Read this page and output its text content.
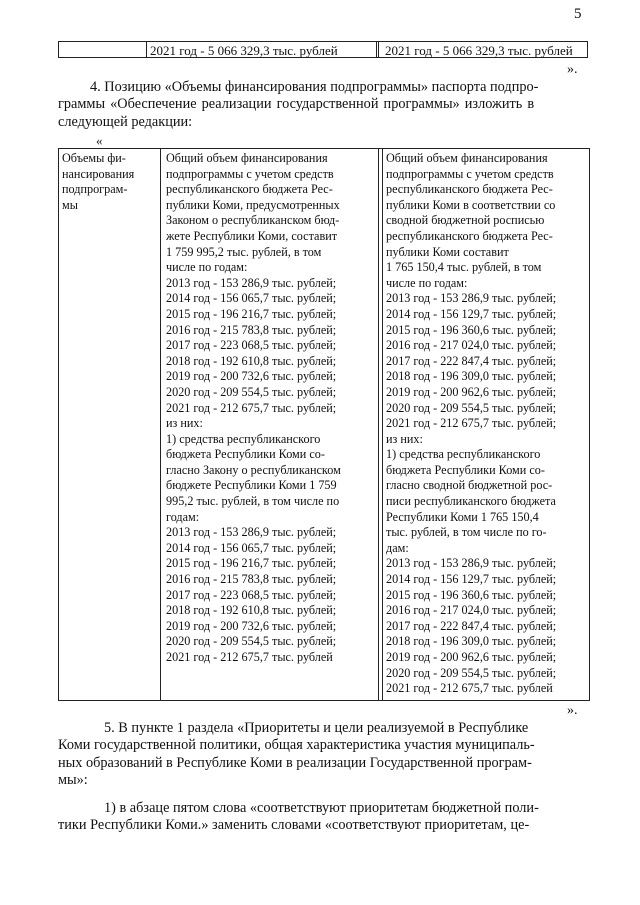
5
2021 год - 5 066 329,3 тыс. рублей	2021 год - 5 066 329,3 тыс. рублей
».
4. Позицию «Объемы финансирования подпрограммы» паспорта подпро-
граммы «Обеспечение реализации государственной программы» изложить в
следующей редакции:
«
Объемы фи-
нансирования
подпрограм-
мы
Общий объем финансирования
подпрограммы с учетом средств
республиканского бюджета Рес-
публики Коми, предусмотренных
Законом о республиканском бюд-
жете Республики Коми, составит
1 759 995,2 тыс. рублей, в том
числе по годам:
2013 год - 153 286,9 тыс. рублей;
2014 год - 156 065,7 тыс. рублей;
2015 год - 196 216,7 тыс. рублей;
2016 год - 215 783,8 тыс. рублей;
2017 год - 223 068,5 тыс. рублей;
2018 год - 192 610,8 тыс. рублей;
2019 год - 200 732,6 тыс. рублей;
2020 год - 209 554,5 тыс. рублей;
2021 год - 212 675,7 тыс. рублей;
из них:
1) средства республиканского
бюджета Республики Коми со-
гласно Закону о республиканском
бюджете Республики Коми 1 759
995,2 тыс. рублей, в том числе по
годам:
2013 год - 153 286,9 тыс. рублей;
2014 год - 156 065,7 тыс. рублей;
2015 год - 196 216,7 тыс. рублей;
2016 год - 215 783,8 тыс. рублей;
2017 год - 223 068,5 тыс. рублей;
2018 год - 192 610,8 тыс. рублей;
2019 год - 200 732,6 тыс. рублей;
2020 год - 209 554,5 тыс. рублей;
2021 год - 212 675,7 тыс. рублей
Общий объем финансирования
подпрограммы с учетом средств
республиканского бюджета Рес-
публики Коми в соответствии со
сводной бюджетной росписью
республиканского бюджета Рес-
публики Коми составит
1 765 150,4 тыс. рублей, в том
числе по годам:
2013 год - 153 286,9 тыс. рублей;
2014 год - 156 129,7 тыс. рублей;
2015 год - 196 360,6 тыс. рублей;
2016 год - 217 024,0 тыс. рублей;
2017 год - 222 847,4 тыс. рублей;
2018 год - 196 309,0 тыс. рублей;
2019 год - 200 962,6 тыс. рублей;
2020 год - 209 554,5 тыс. рублей;
2021 год - 212 675,7 тыс. рублей;
из них:
1) средства республиканского
бюджета Республики Коми со-
гласно сводной бюджетной рос-
писи республиканского бюджета
Республики Коми 1 765 150,4
тыс. рублей, в том числе по го-
дам:
2013 год - 153 286,9 тыс. рублей;
2014 год - 156 129,7 тыс. рублей;
2015 год - 196 360,6 тыс. рублей;
2016 год - 217 024,0 тыс. рублей;
2017 год - 222 847,4 тыс. рублей;
2018 год - 196 309,0 тыс. рублей;
2019 год - 200 962,6 тыс. рублей;
2020 год - 209 554,5 тыс. рублей;
2021 год - 212 675,7 тыс. рублей
».
5. В пункте 1 раздела «Приоритеты и цели реализуемой в Республике
Коми государственной политики, общая характеристика участия муниципаль-
ных образований в Республике Коми в реализации Государственной програм-
мы»:
1) в абзаце пятом слова «соответствуют приоритетам бюджетной поли-
тики Республики Коми.» заменить словами «соответствуют приоритетам, це-
